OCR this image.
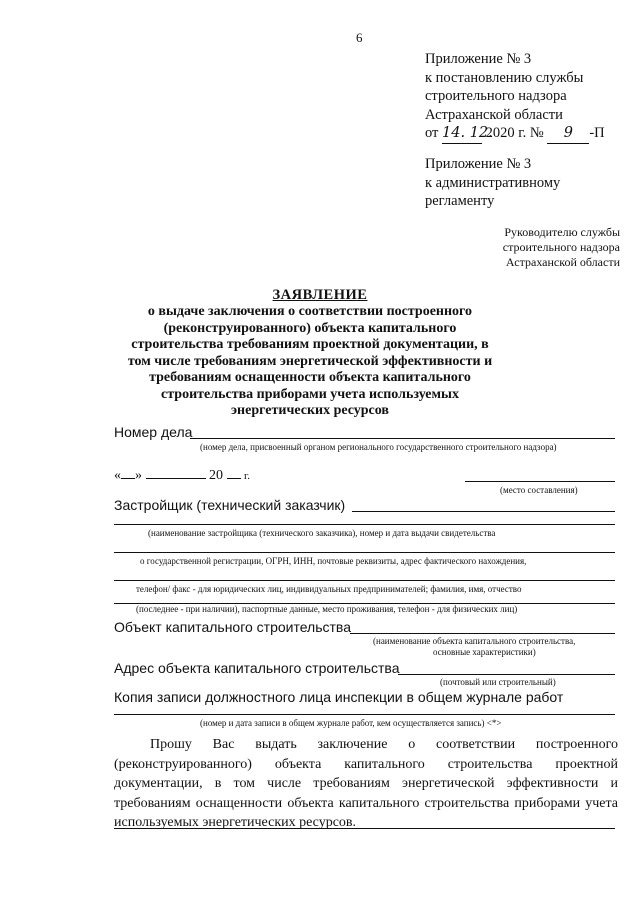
6
Приложение № 3
к постановлению службы
строительного надзора
Астраханской области
от 14. 12. 2020 г. № 9 -П
Приложение № 3
к административному
регламенту
Руководителю службы
строительного надзора
Астраханской области
ЗАЯВЛЕНИЕ
о выдаче заключения о соответствии построенного (реконструированного) объекта капитального строительства требованиям проектной документации, в том числе требованиям энергетической эффективности и требованиям оснащенности объекта капитального строительства приборами учета используемых энергетических ресурсов
Номер дела
(номер дела, присвоенный органом регионального государственного строительного надзора)
« »	20 г.
(место составления)
Застройщик (технический заказчик)
(наименование застройщика (технического заказчика), номер и дата выдачи свидетельства
о государственной регистрации, ОГРН, ИНН, почтовые реквизиты, адрес фактического нахождения,
телефон/ факс - для юридических лиц, индивидуальных предпринимателей; фамилия, имя, отчество
(последнее - при наличии), паспортные данные, место проживания, телефон - для физических лиц)
Объект капитального строительства
(наименование объекта капитального строительства,
основные характеристики)
Адрес объекта капитального строительства
(почтовый или строительный)
Копия записи должностного лица инспекции в общем журнале работ
(номер и дата записи в общем журнале работ, кем осуществляется запись) <*>
Прошу Вас выдать заключение о соответствии построенного (реконструированного) объекта капитального строительства проектной документации, в том числе требованиям энергетической эффективности и требованиям оснащенности объекта капитального строительства приборами учета используемых энергетических ресурсов.
